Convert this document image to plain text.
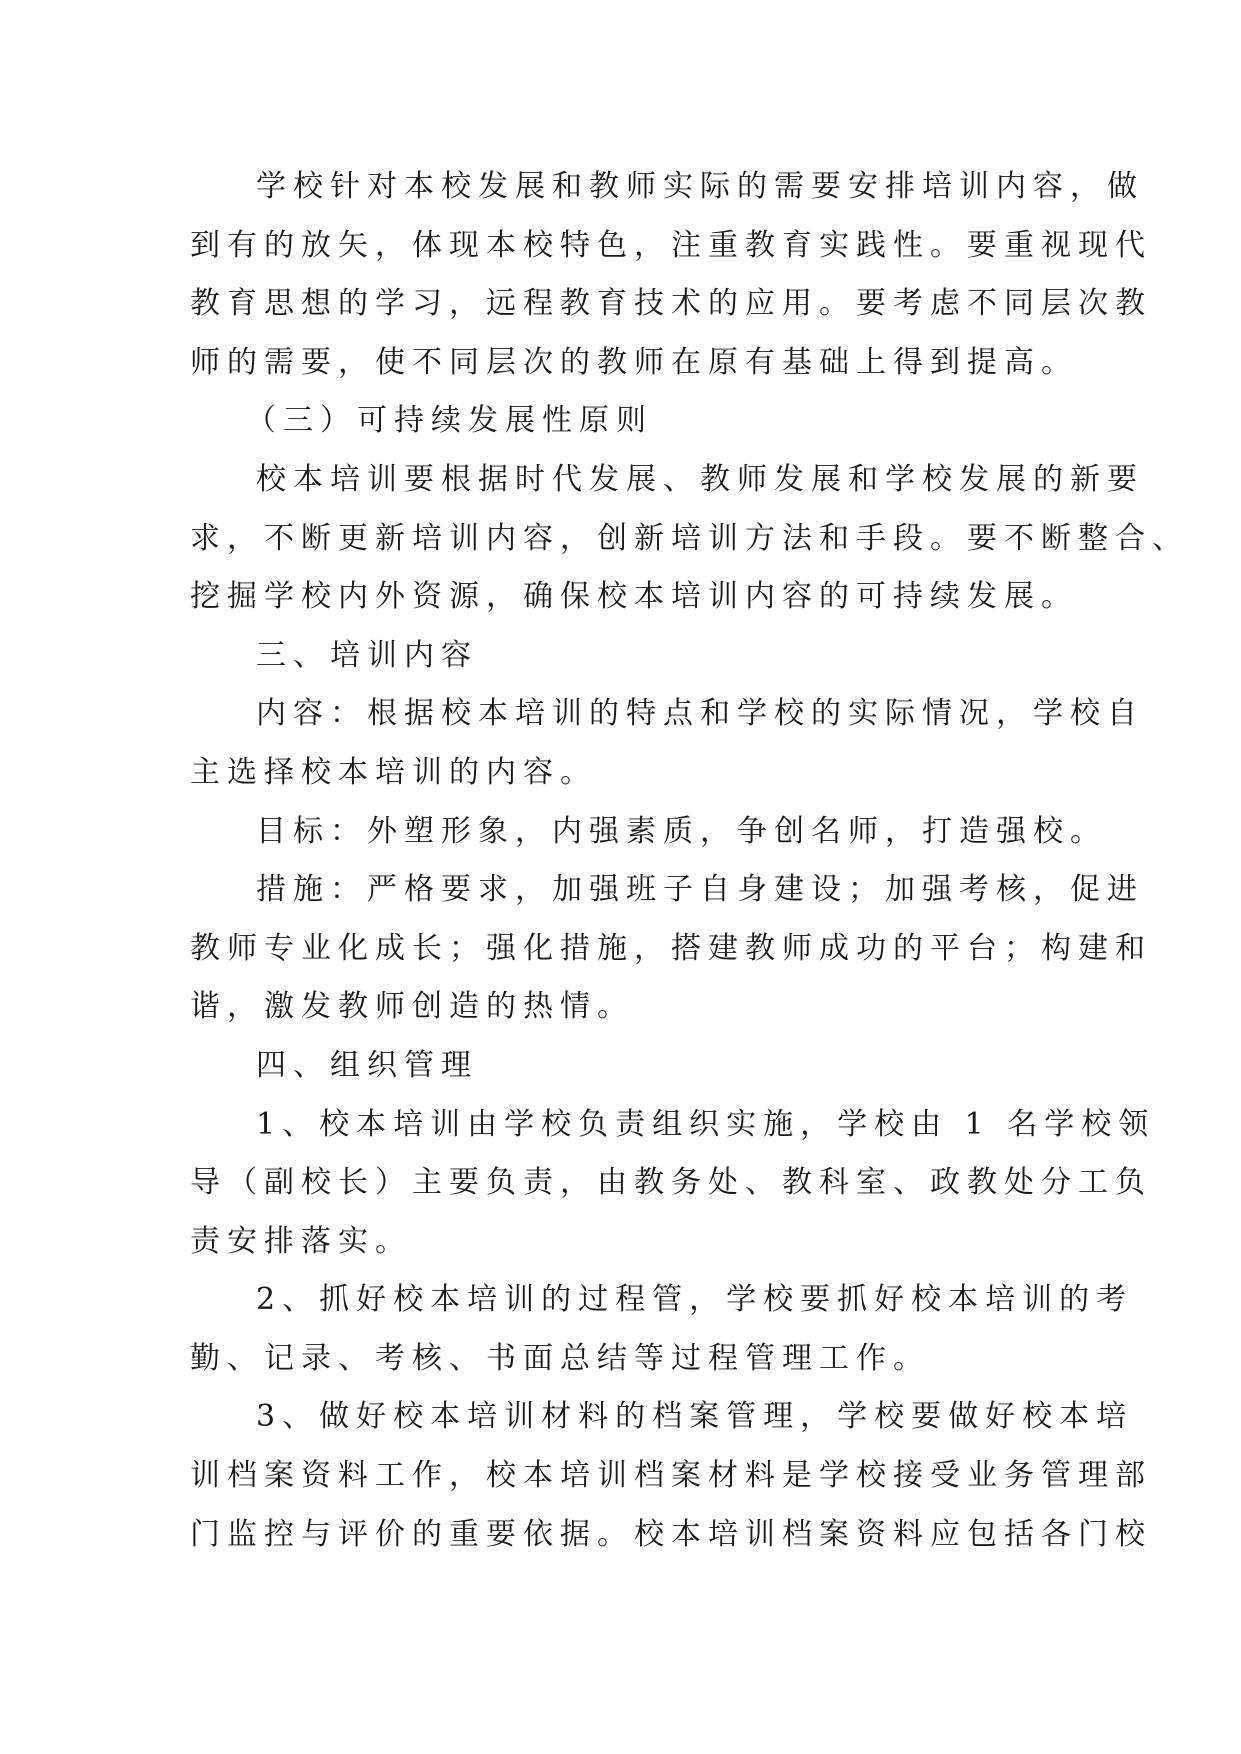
学校针对本校发展和教师实际的需要安排培训内容，做
到有的放矢，体现本校特色，注重教育实践性。要重视现代
教育思想的学习，远程教育技术的应用。要考虑不同层次教
师的需要，使不同层次的教师在原有基础上得到提高。
（三）可持续发展性原则
校本培训要根据时代发展、教师发展和学校发展的新要
求，不断更新培训内容，创新培训方法和手段。要不断整合、
挖掘学校内外资源，确保校本培训内容的可持续发展。
三、培训内容
内容：根据校本培训的特点和学校的实际情况，学校自
主选择校本培训的内容。
目标：外塑形象，内强素质，争创名师，打造强校。
措施：严格要求，加强班子自身建设；加强考核，促进
教师专业化成长；强化措施，搭建教师成功的平台；构建和
谐，激发教师创造的热情。
四、组织管理
1、校本培训由学校负责组织实施，学校由 1 名学校领
导（副校长）主要负责，由教务处、教科室、政教处分工负
责安排落实。
2、抓好校本培训的过程管，学校要抓好校本培训的考
勤、记录、考核、书面总结等过程管理工作。
3、做好校本培训材料的档案管理，学校要做好校本培
训档案资料工作，校本培训档案材料是学校接受业务管理部
门监控与评价的重要依据。校本培训档案资料应包括各门校
